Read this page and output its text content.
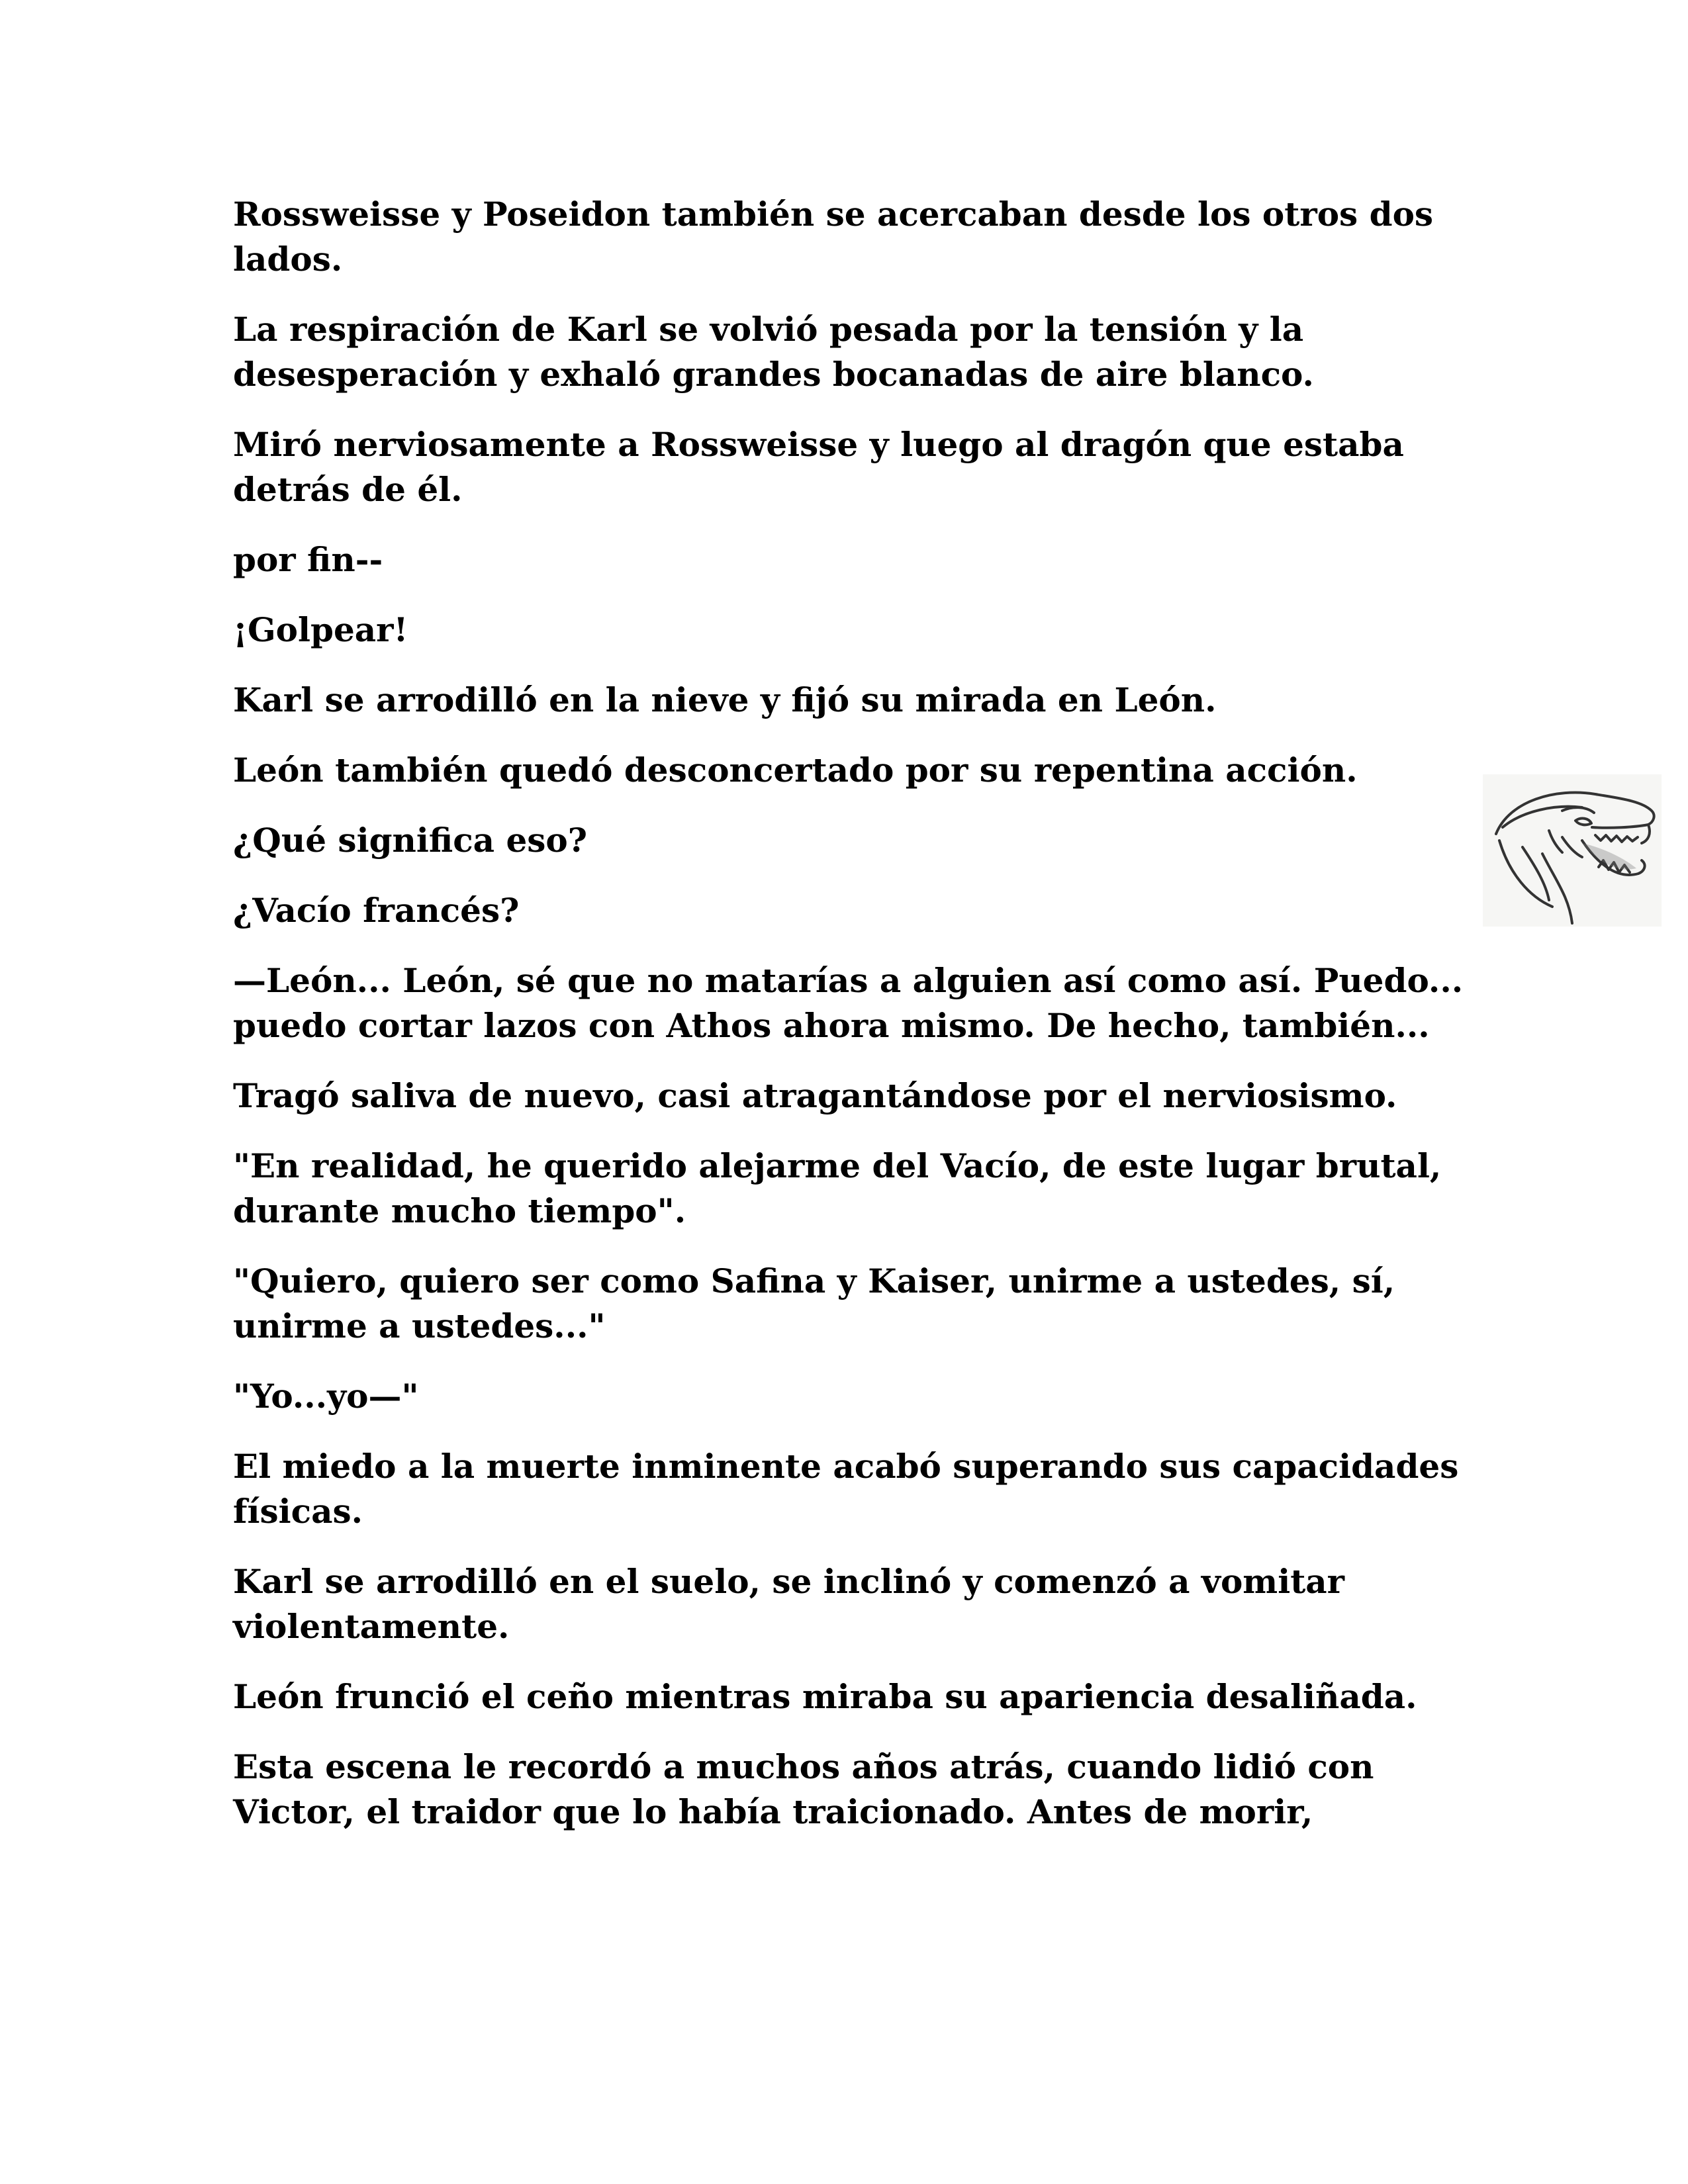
Rossweisse y Poseidon también se acercaban desde los otros dos lados.

La respiración de Karl se volvió pesada por la tensión y la desesperación y exhaló grandes bocanadas de aire blanco.

Miró nerviosamente a Rossweisse y luego al dragón que estaba detrás de él.

por fin--

¡Golpear!

Karl se arrodilló en la nieve y fijó su mirada en León.

León también quedó desconcertado por su repentina acción.

¿Qué significa eso?

¿Vacío francés?

—León... León, sé que no matarías a alguien así como así. Puedo... puedo cortar lazos con Athos ahora mismo. De hecho, también...

Tragó saliva de nuevo, casi atragantándose por el nerviosismo.

"En realidad, he querido alejarme del Vacío, de este lugar brutal, durante mucho tiempo".

"Quiero, quiero ser como Safina y Kaiser, unirme a ustedes, sí, unirme a ustedes..."

"Yo...yo—"

El miedo a la muerte inminente acabó superando sus capacidades físicas.

Karl se arrodilló en el suelo, se inclinó y comenzó a vomitar violentamente.

León frunció el ceño mientras miraba su apariencia desaliñada.

Esta escena le recordó a muchos años atrás, cuando lidió con Victor, el traidor que lo había traicionado. Antes de morir,
